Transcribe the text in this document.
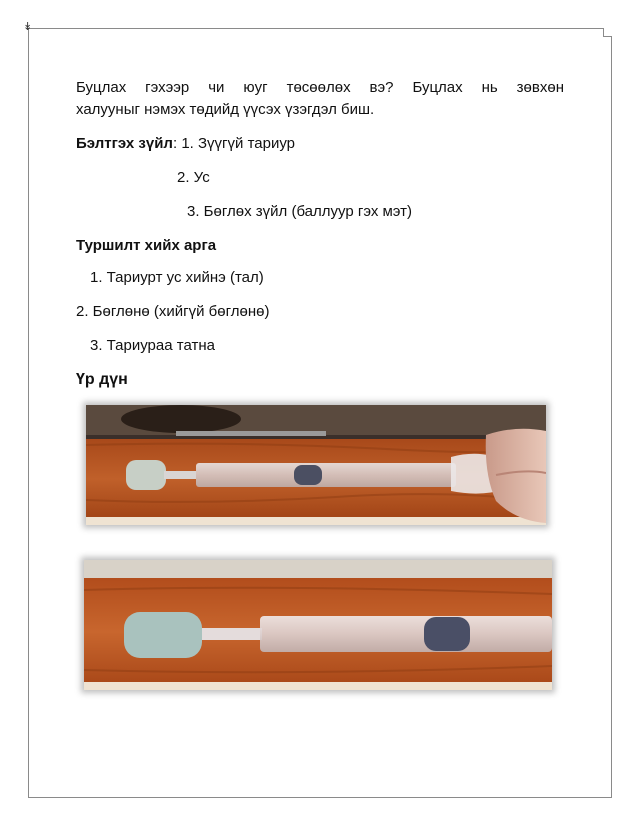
↡
Буцлах гэхээр чи юуг төсөөлөх вэ? Буцлах нь зөвхөн
халууныг нэмэх төдийд үүсэх үзэгдэл биш.
Бэлтгэх зүйл: 1. Зүүгүй тариур
2. Ус
3. Бөглөх зүйл (баллуур гэх мэт)
Туршилт хийх арга
1. Тариурт ус хийнэ (тал)
2. Бөглөнө (хийгүй бөглөнө)
3. Тариураа татна
Үр дүн
